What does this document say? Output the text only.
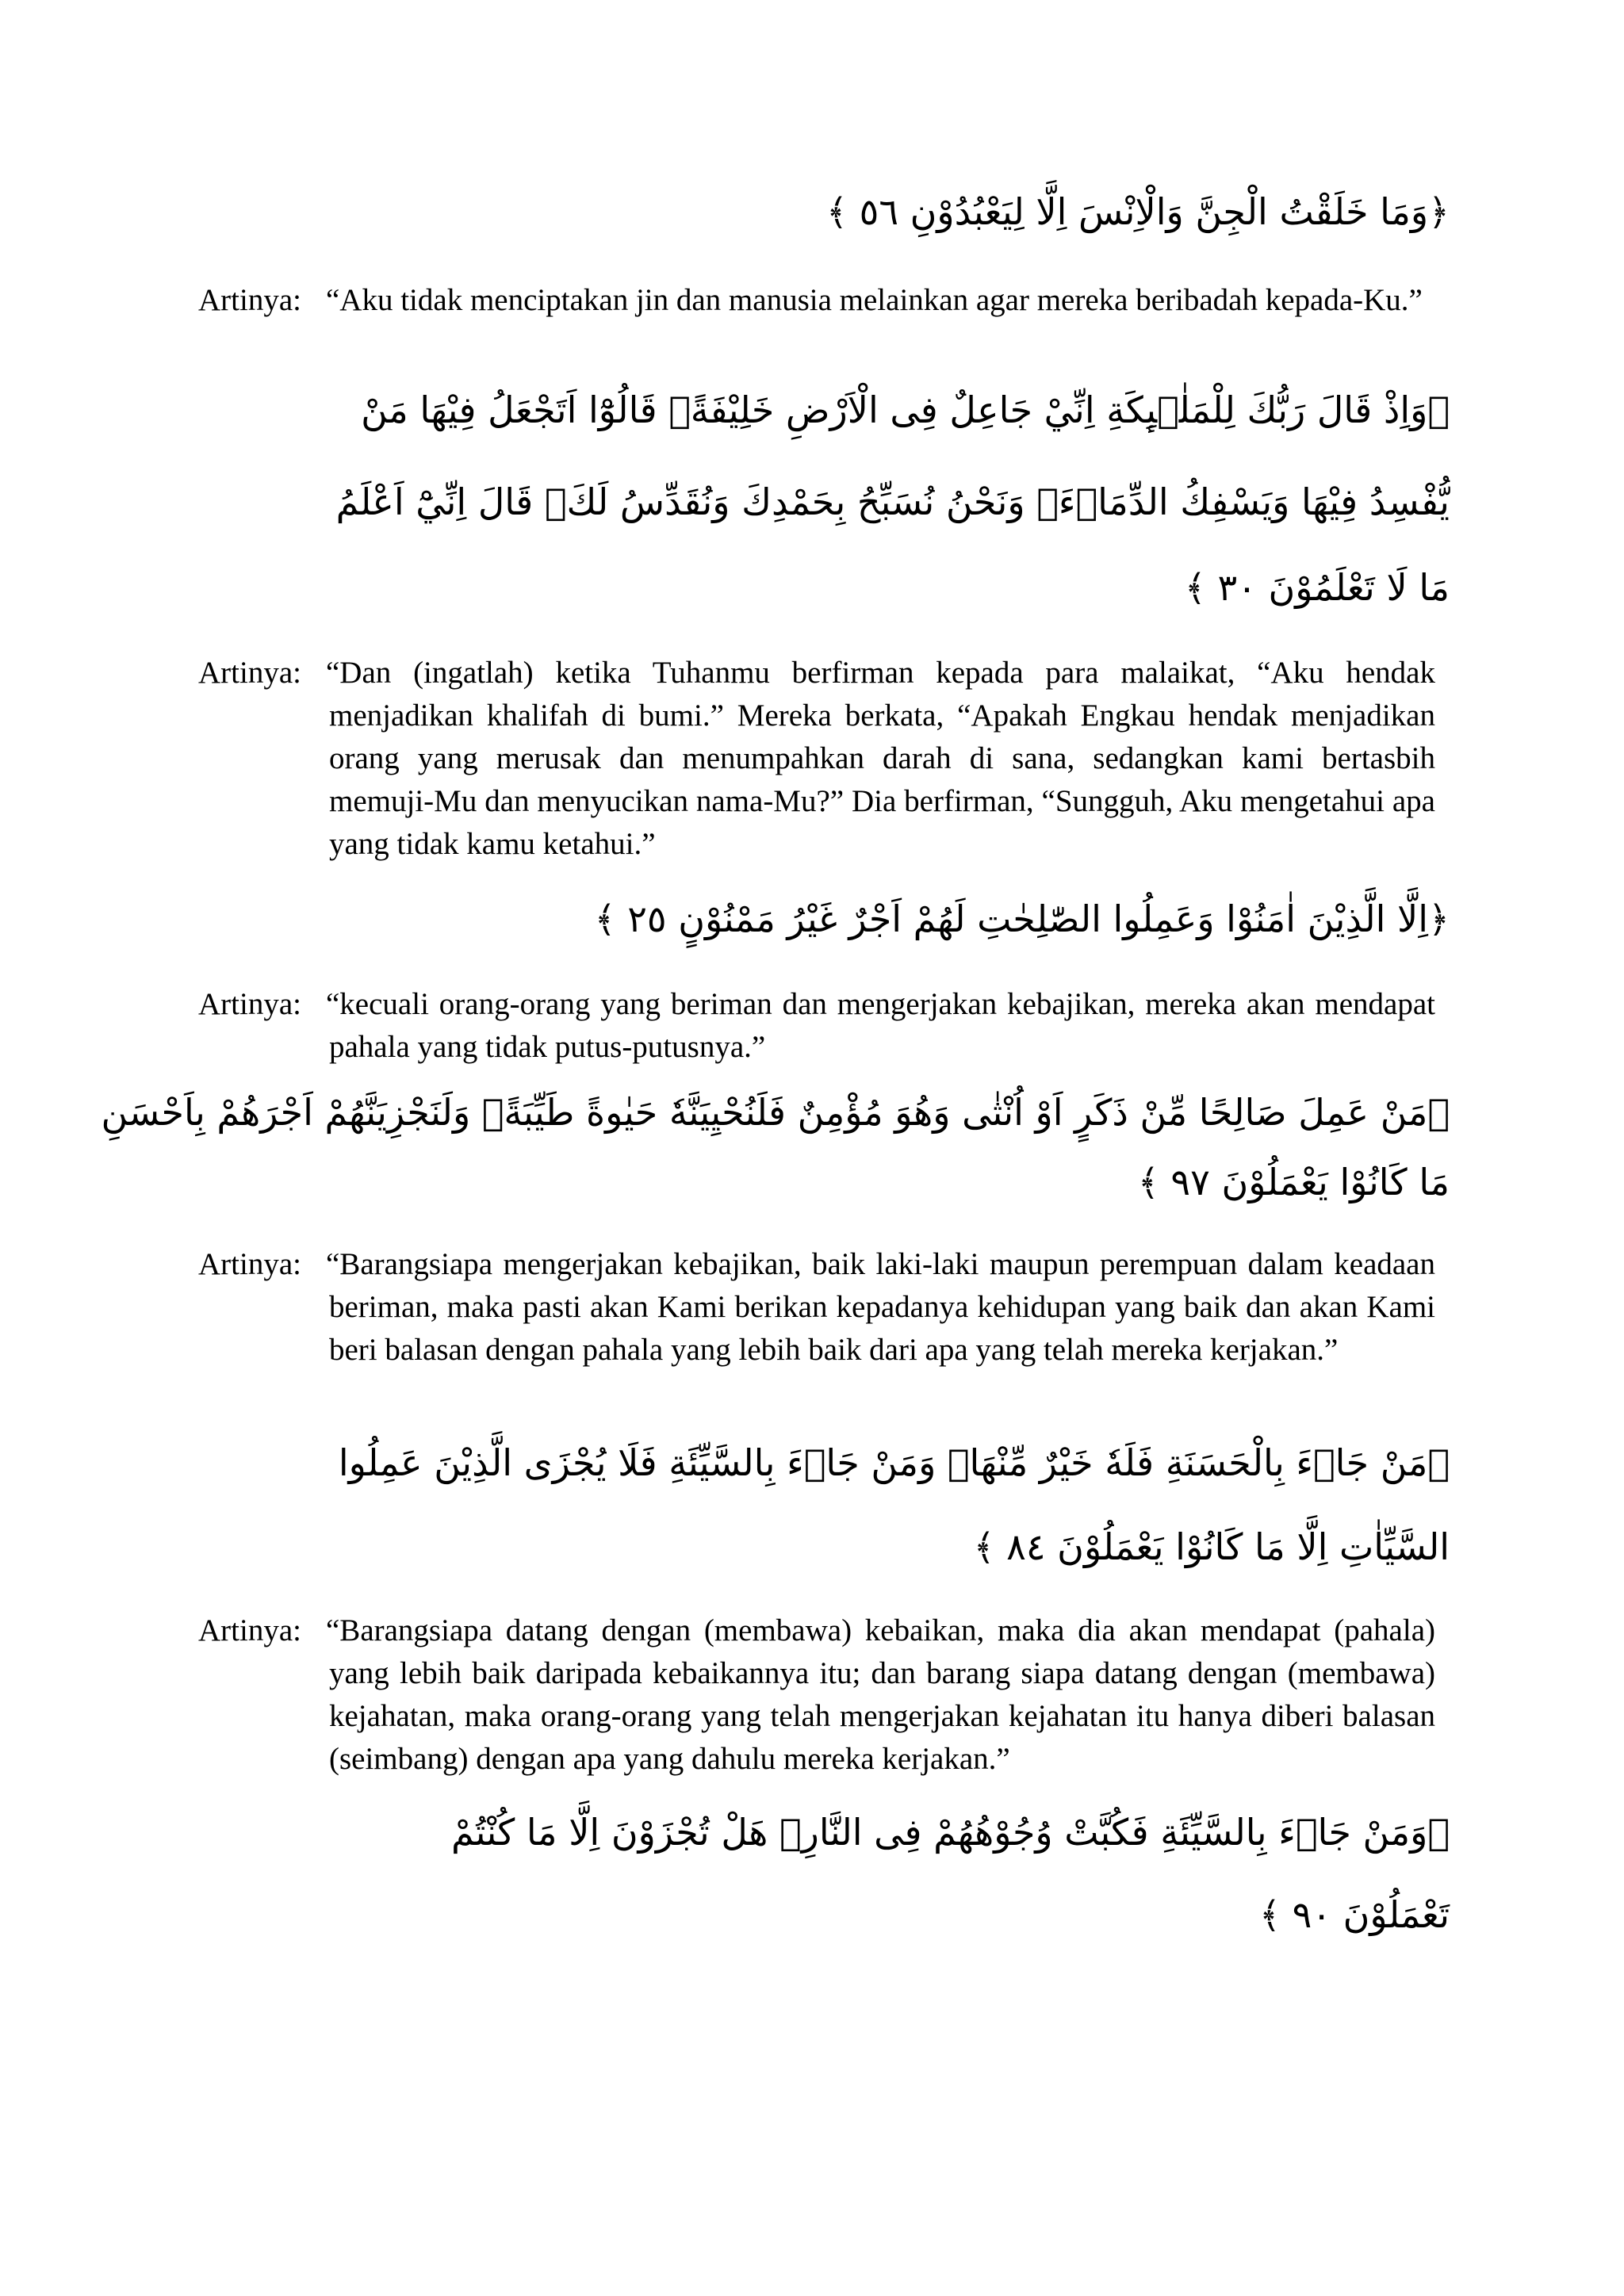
﴿وَمَا خَلَقْتُ الْجِنَّ وَالْاِنْسَ اِلَّا لِيَعْبُدُوْنِ ٥٦ ﴾
Artinya: “Aku tidak menciptakan jin dan manusia melainkan agar mereka beribadah kepada-Ku.”
﴿وَاِذْ قَالَ رَبُّكَ لِلْمَلٰۤىِٕكَةِ اِنِّيْ جَاعِلٌ فِى الْاَرْضِ خَلِيْفَةًۗ قَالُوْٓا اَتَجْعَلُ فِيْهَا مَنْ
يُّفْسِدُ فِيْهَا وَيَسْفِكُ الدِّمَاۤءَۚ وَنَحْنُ نُسَبِّحُ بِحَمْدِكَ وَنُقَدِّسُ لَكَۗ قَالَ اِنِّيْٓ اَعْلَمُ
مَا لَا تَعْلَمُوْنَ ٣٠ ﴾
Artinya: “Dan (ingatlah) ketika Tuhanmu berfirman kepada para malaikat, “Aku hendak menjadikan khalifah di bumi.” Mereka berkata, “Apakah Engkau hendak menjadikan orang yang merusak dan menumpahkan darah di sana, sedangkan kami bertasbih memuji-Mu dan menyucikan nama-Mu?” Dia berfirman, “Sungguh, Aku mengetahui apa yang tidak kamu ketahui.”
﴿اِلَّا الَّذِيْنَ اٰمَنُوْا وَعَمِلُوا الصّٰلِحٰتِ لَهُمْ اَجْرٌ غَيْرُ مَمْنُوْنٍ ٢٥ ﴾
Artinya: “kecuali orang-orang yang beriman dan mengerjakan kebajikan, mereka akan mendapat pahala yang tidak putus-putusnya.”
﴿مَنْ عَمِلَ صَالِحًا مِّنْ ذَكَرٍ اَوْ اُنْثٰى وَهُوَ مُؤْمِنٌ فَلَنُحْيِيَنَّهٗ حَيٰوةً طَيِّبَةًۚ وَلَنَجْزِيَنَّهُمْ اَجْرَهُمْ بِاَحْسَنِ
مَا كَانُوْا يَعْمَلُوْنَ ٩٧ ﴾
Artinya: “Barangsiapa mengerjakan kebajikan, baik laki-laki maupun perempuan dalam keadaan beriman, maka pasti akan Kami berikan kepadanya kehidupan yang baik dan akan Kami beri balasan dengan pahala yang lebih baik dari apa yang telah mereka kerjakan.”
﴿مَنْ جَاۤءَ بِالْحَسَنَةِ فَلَهٗ خَيْرٌ مِّنْهَاۚ وَمَنْ جَاۤءَ بِالسَّيِّئَةِ فَلَا يُجْزَى الَّذِيْنَ عَمِلُوا
السَّيِّاٰتِ اِلَّا مَا كَانُوْا يَعْمَلُوْنَ ٨٤ ﴾
Artinya: “Barangsiapa datang dengan (membawa) kebaikan, maka dia akan mendapat (pahala) yang lebih baik daripada kebaikannya itu; dan barang siapa datang dengan (membawa) kejahatan, maka orang-orang yang telah mengerjakan kejahatan itu hanya diberi balasan (seimbang) dengan apa yang dahulu mereka kerjakan.”
﴿وَمَنْ جَاۤءَ بِالسَّيِّئَةِ فَكُبَّتْ وُجُوْهُهُمْ فِى النَّارِۗ هَلْ تُجْزَوْنَ اِلَّا مَا كُنْتُمْ
تَعْمَلُوْنَ ٩٠ ﴾
